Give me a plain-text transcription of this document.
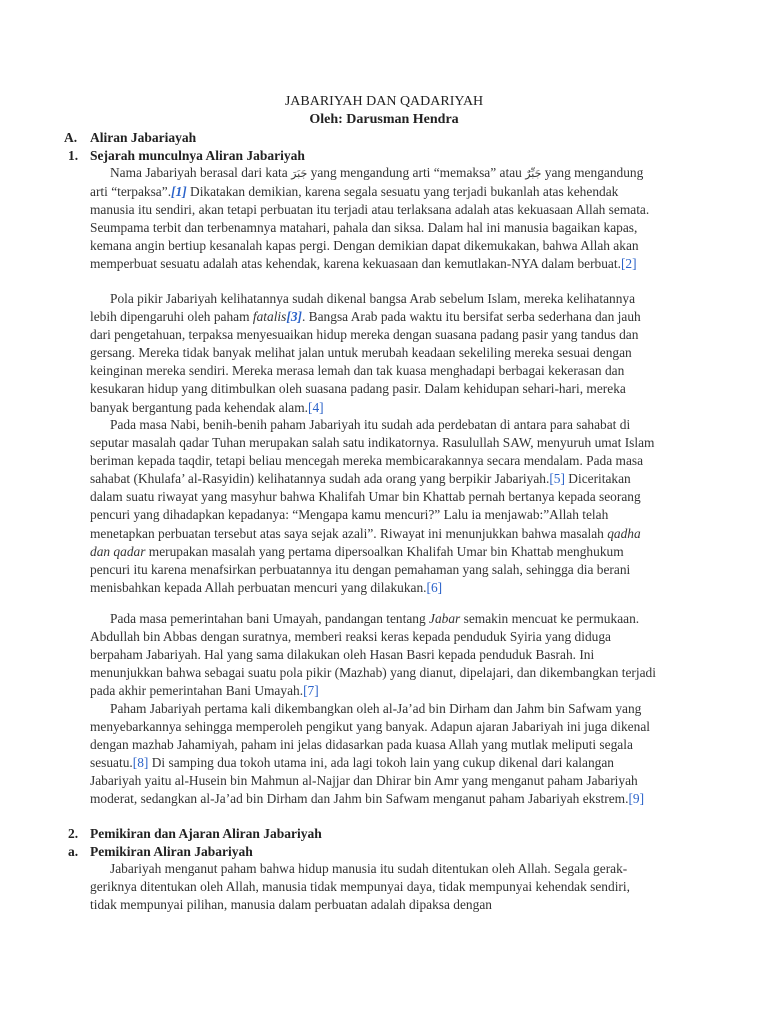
JABARIYAH DAN QADARIYAH
Oleh: Darusman Hendra
A. Aliran Jabariayah
1. Sejarah munculnya Aliran Jabariyah

Nama Jabariyah berasal dari kata جَبَرَ yang mengandung arti “memaksa” atau جَبِّرٌ yang mengandung arti “terpaksa”.[1] Dikatakan demikian, karena segala sesuatu yang terjadi bukanlah atas kehendak manusia itu sendiri, akan tetapi perbuatan itu terjadi atau terlaksana adalah atas kekuasaan Allah semata. Seumpama terbit dan terbenamnya matahari, pahala dan siksa. Dalam hal ini manusia bagaikan kapas, kemana angin bertiup kesanalah kapas pergi. Dengan demikian dapat dikemukakan, bahwa Allah akan memperbuat sesuatu adalah atas kehendak, karena kekuasaan dan kemutlakan-NYA dalam berbuat.[2]

Pola pikir Jabariyah kelihatannya sudah dikenal bangsa Arab sebelum Islam, mereka kelihatannya lebih dipengaruhi oleh paham fatalis[3]. Bangsa Arab pada waktu itu bersifat serba sederhana dan jauh dari pengetahuan, terpaksa menyesuaikan hidup mereka dengan suasana padang pasir yang tandus dan gersang. Mereka tidak banyak melihat jalan untuk merubah keadaan sekeliling mereka sesuai dengan keinginan mereka sendiri. Mereka merasa lemah dan tak kuasa menghadapi berbagai kekerasan dan kesukaran hidup yang ditimbulkan oleh suasana padang pasir. Dalam kehidupan sehari-hari, mereka banyak bergantung pada kehendak alam.[4]

Pada masa Nabi, benih-benih paham Jabariyah itu sudah ada perdebatan di antara para sahabat di seputar masalah qadar Tuhan merupakan salah satu indikatornya. Rasulullah SAW, menyuruh umat Islam beriman kepada taqdir, tetapi beliau mencegah mereka membicarakannya secara mendalam. Pada masa sahabat (Khulafa’ al-Rasyidin) kelihatannya sudah ada orang yang berpikir Jabariyah.[5] Diceritakan dalam suatu riwayat yang masyhur bahwa Khalifah Umar bin Khattab pernah bertanya kepada seorang pencuri yang dihadapkan kepadanya: “Mengapa kamu mencuri?” Lalu ia menjawab:”Allah telah menetapkan perbuatan tersebut atas saya sejak azali”. Riwayat ini menunjukkan bahwa masalah qadha dan qadar merupakan masalah yang pertama dipersoalkan Khalifah Umar bin Khattab menghukum pencuri itu karena menafsirkan perbuatannya itu dengan pemahaman yang salah, sehingga dia berani menisbahkan kepada Allah perbuatan mencuri yang dilakukan.[6]

Pada masa pemerintahan bani Umayah, pandangan tentang Jabar semakin mencuat ke permukaan. Abdullah bin Abbas dengan suratnya, memberi reaksi keras kepada penduduk Syiria yang diduga berpaham Jabariyah. Hal yang sama dilakukan oleh Hasan Basri kepada penduduk Basrah. Ini menunjukkan bahwa sebagai suatu pola pikir (Mazhab) yang dianut, dipelajari, dan dikembangkan terjadi pada akhir pemerintahan Bani Umayah.[7]

Paham Jabariyah pertama kali dikembangkan oleh al-Ja’ad bin Dirham dan Jahm bin Safwam yang menyebarkannya sehingga memperoleh pengikut yang banyak. Adapun ajaran Jabariyah ini juga dikenal dengan mazhab Jahamiyah, paham ini jelas didasarkan pada kuasa Allah yang mutlak meliputi segala sesuatu.[8] Di samping dua tokoh utama ini, ada lagi tokoh lain yang cukup dikenal dari kalangan Jabariyah yaitu al-Husein bin Mahmun al-Najjar dan Dhirar bin Amr yang menganut paham Jabariyah moderat, sedangkan al-Ja’ad bin Dirham dan Jahm bin Safwam menganut paham Jabariyah ekstrem.[9]

2. Pemikiran dan Ajaran Aliran Jabariyah
a. Pemikiran Aliran Jabariyah

Jabariyah menganut paham bahwa hidup manusia itu sudah ditentukan oleh Allah. Segala gerak-geriknya ditentukan oleh Allah, manusia tidak mempunyai daya, tidak mempunyai kehendak sendiri, tidak mempunyai pilihan, manusia dalam perbuatan adalah dipaksa dengan
